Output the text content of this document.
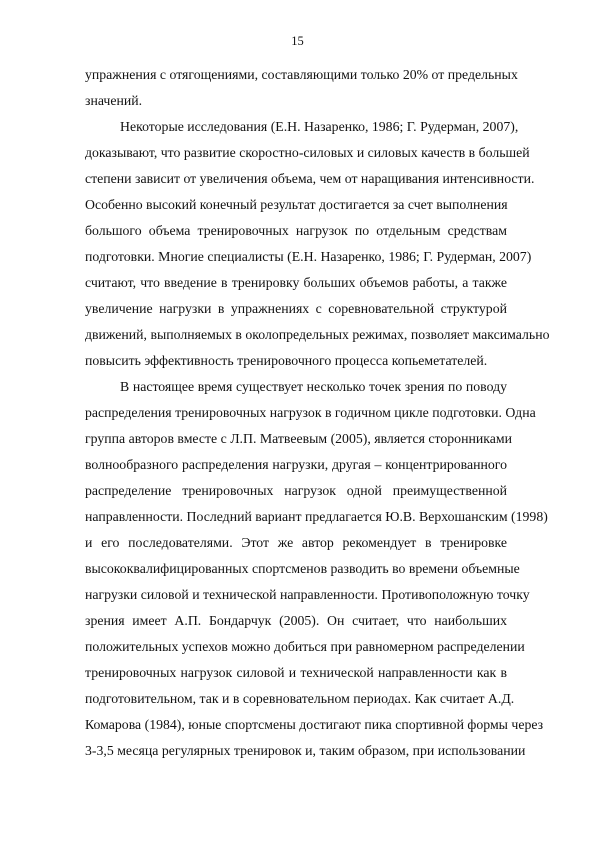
15
упражнения с отягощениями, составляющими только 20% от предельных
значений.
Некоторые исследования (Е.Н. Назаренко, 1986; Г. Рудерман, 2007),
доказывают, что развитие скоростно-силовых и силовых качеств в большей
степени зависит от увеличения объема, чем от наращивания интенсивности.
Особенно высокий конечный результат достигается за счет выполнения
большого объема тренировочных нагрузок по отдельным средствам
подготовки. Многие специалисты (Е.Н. Назаренко, 1986; Г. Рудерман, 2007)
считают, что введение в тренировку больших объемов работы, а также
увеличение нагрузки в упражнениях с соревновательной структурой
движений, выполняемых в околопредельных режимах, позволяет максимально
повысить эффективность тренировочного процесса копьеметателей.
В настоящее время существует несколько точек зрения по поводу
распределения тренировочных нагрузок в годичном цикле подготовки. Одна
группа авторов вместе с Л.П. Матвеевым (2005), является сторонниками
волнообразного распределения нагрузки, другая – концентрированного
распределение тренировочных нагрузок одной преимущественной
направленности. Последний вариант предлагается Ю.В. Верхошанским (1998)
и его последователями. Этот же автор рекомендует в тренировке
высококвалифицированных спортсменов разводить во времени объемные
нагрузки силовой и технической направленности. Противоположную точку
зрения имеет А.П. Бондарчук (2005). Он считает, что наибольших
положительных успехов можно добиться при равномерном распределении
тренировочных нагрузок силовой и технической направленности как в
подготовительном, так и в соревновательном периодах. Как считает А.Д.
Комарова (1984), юные спортсмены достигают пика спортивной формы через
3-3,5 месяца регулярных тренировок и, таким образом, при использовании
